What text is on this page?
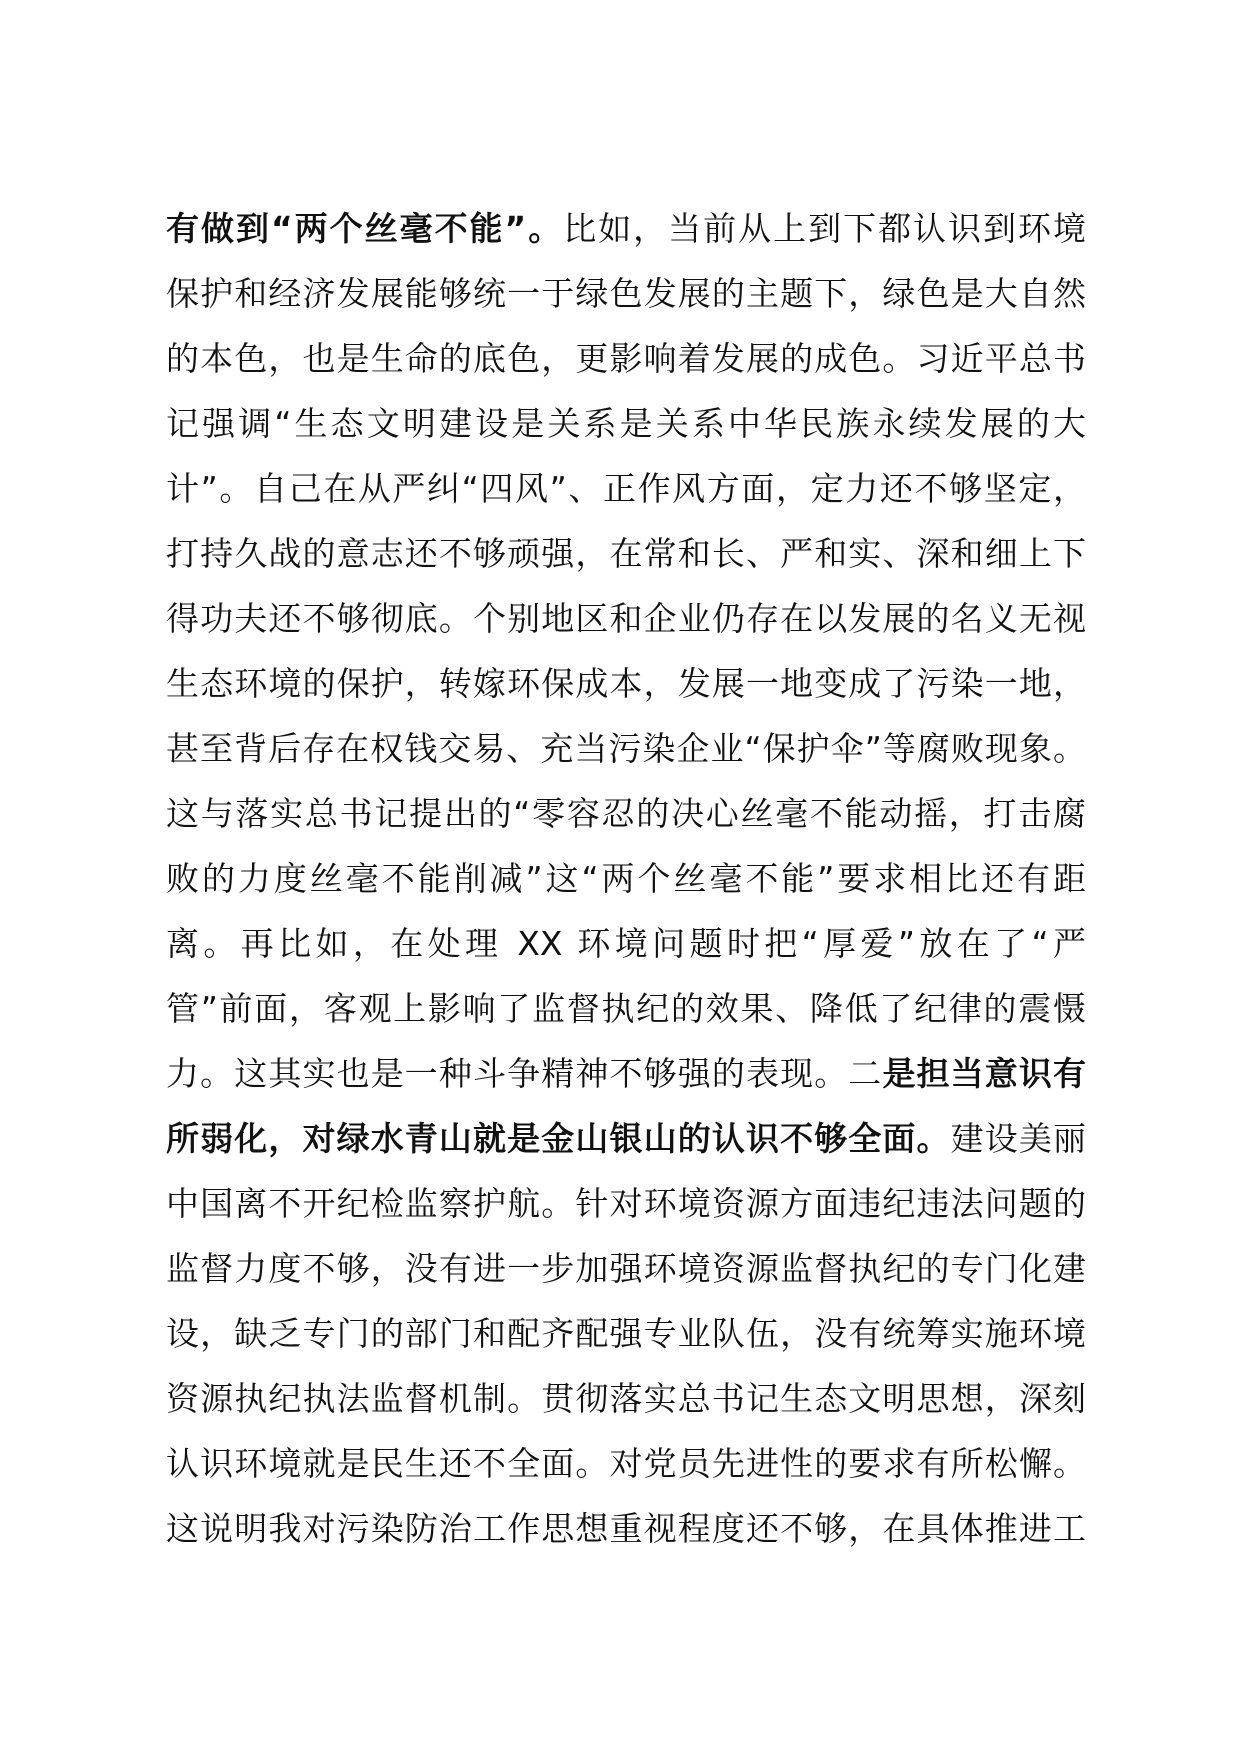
有做到“两个丝毫不能”。比如，当前从上到下都认识到环境
保护和经济发展能够统一于绿色发展的主题下，绿色是大自然
的本色，也是生命的底色，更影响着发展的成色。习近平总书
记强调“生态文明建设是关系是关系中华民族永续发展的大
计”。自己在从严纠“四风”、正作风方面，定力还不够坚定，
打持久战的意志还不够顽强，在常和长、严和实、深和细上下
得功夫还不够彻底。个别地区和企业仍存在以发展的名义无视
生态环境的保护，转嫁环保成本，发展一地变成了污染一地，
甚至背后存在权钱交易、充当污染企业“保护伞”等腐败现象。
这与落实总书记提出的“零容忍的决心丝毫不能动摇，打击腐
败的力度丝毫不能削减”这“两个丝毫不能”要求相比还有距
离。再比如，在处理 XX 环境问题时把“厚爱”放在了“严
管”前面，客观上影响了监督执纪的效果、降低了纪律的震慑
力。这其实也是一种斗争精神不够强的表现。二是担当意识有
所弱化，对绿水青山就是金山银山的认识不够全面。建设美丽
中国离不开纪检监察护航。针对环境资源方面违纪违法问题的
监督力度不够，没有进一步加强环境资源监督执纪的专门化建
设，缺乏专门的部门和配齐配强专业队伍，没有统筹实施环境
资源执纪执法监督机制。贯彻落实总书记生态文明思想，深刻
认识环境就是民生还不全面。对党员先进性的要求有所松懈。
这说明我对污染防治工作思想重视程度还不够，在具体推进工
